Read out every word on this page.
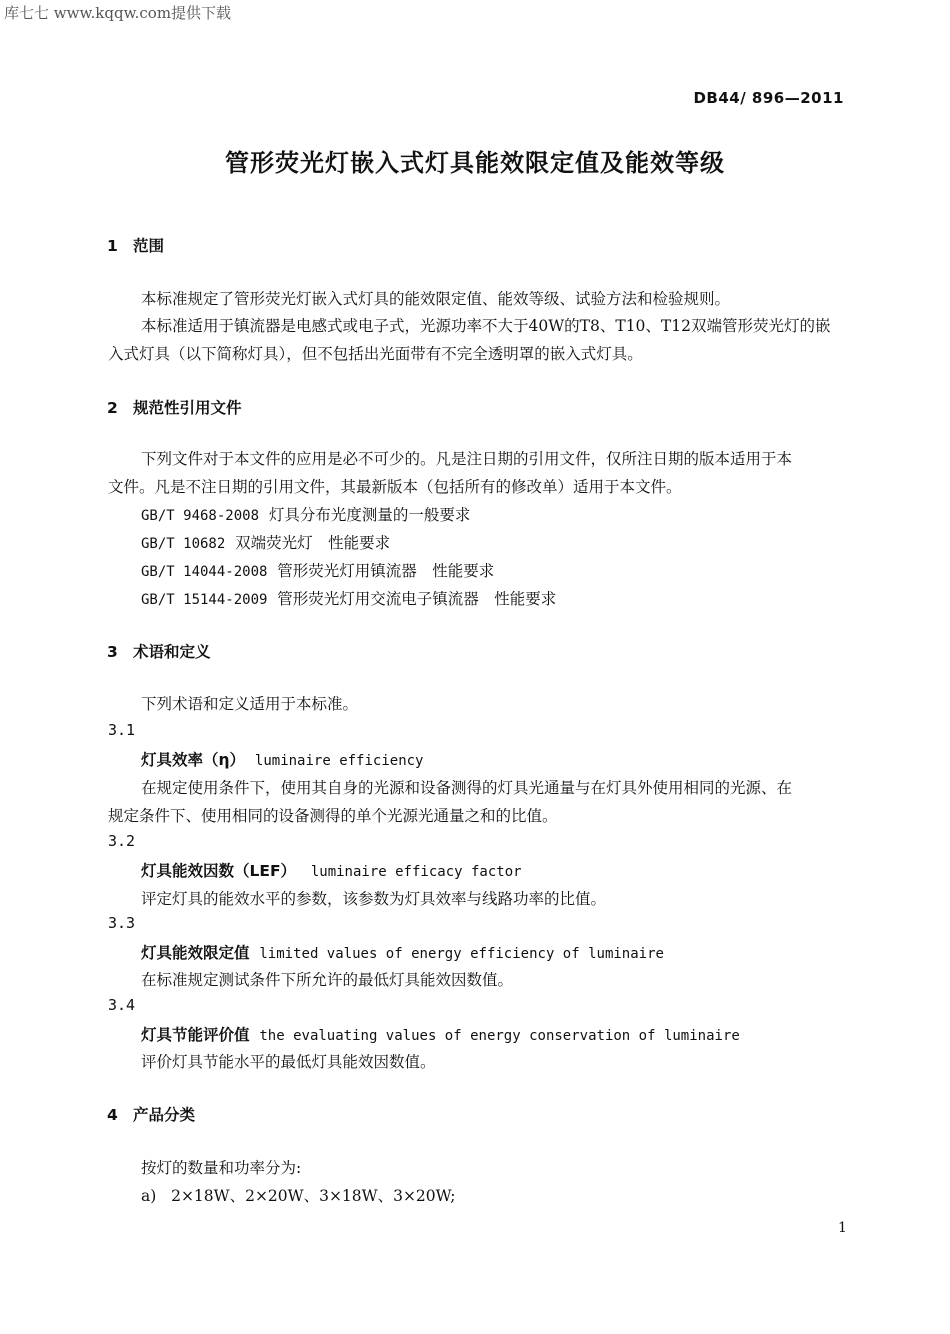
库七七 www.kqqw.com提供下载
DB44/ 896—2011
管形荧光灯嵌入式灯具能效限定值及能效等级
1 范围
本标准规定了管形荧光灯嵌入式灯具的能效限定值、能效等级、试验方法和检验规则。
本标准适用于镇流器是电感式或电子式，光源功率不大于40W的T8、T10、T12双端管形荧光灯的嵌
入式灯具（以下简称灯具），但不包括出光面带有不完全透明罩的嵌入式灯具。
2 规范性引用文件
下列文件对于本文件的应用是必不可少的。凡是注日期的引用文件，仅所注日期的版本适用于本
文件。凡是不注日期的引用文件，其最新版本（包括所有的修改单）适用于本文件。
GB/T 9468-2008 灯具分布光度测量的一般要求
GB/T 10682 双端荧光灯　性能要求
GB/T 14044-2008 管形荧光灯用镇流器　性能要求
GB/T 15144-2009 管形荧光灯用交流电子镇流器　性能要求
3 术语和定义
下列术语和定义适用于本标准。
3.1
灯具效率（η） luminaire efficiency
在规定使用条件下，使用其自身的光源和设备测得的灯具光通量与在灯具外使用相同的光源、在
规定条件下、使用相同的设备测得的单个光源光通量之和的比值。
3.2
灯具能效因数（LEF） luminaire efficacy factor
评定灯具的能效水平的参数，该参数为灯具效率与线路功率的比值。
3.3
灯具能效限定值 limited values of energy efficiency of luminaire
在标准规定测试条件下所允许的最低灯具能效因数值。
3.4
灯具节能评价值 the evaluating values of energy conservation of luminaire
评价灯具节能水平的最低灯具能效因数值。
4 产品分类
按灯的数量和功率分为:
a) 2×18W、2×20W、3×18W、3×20W;
1
